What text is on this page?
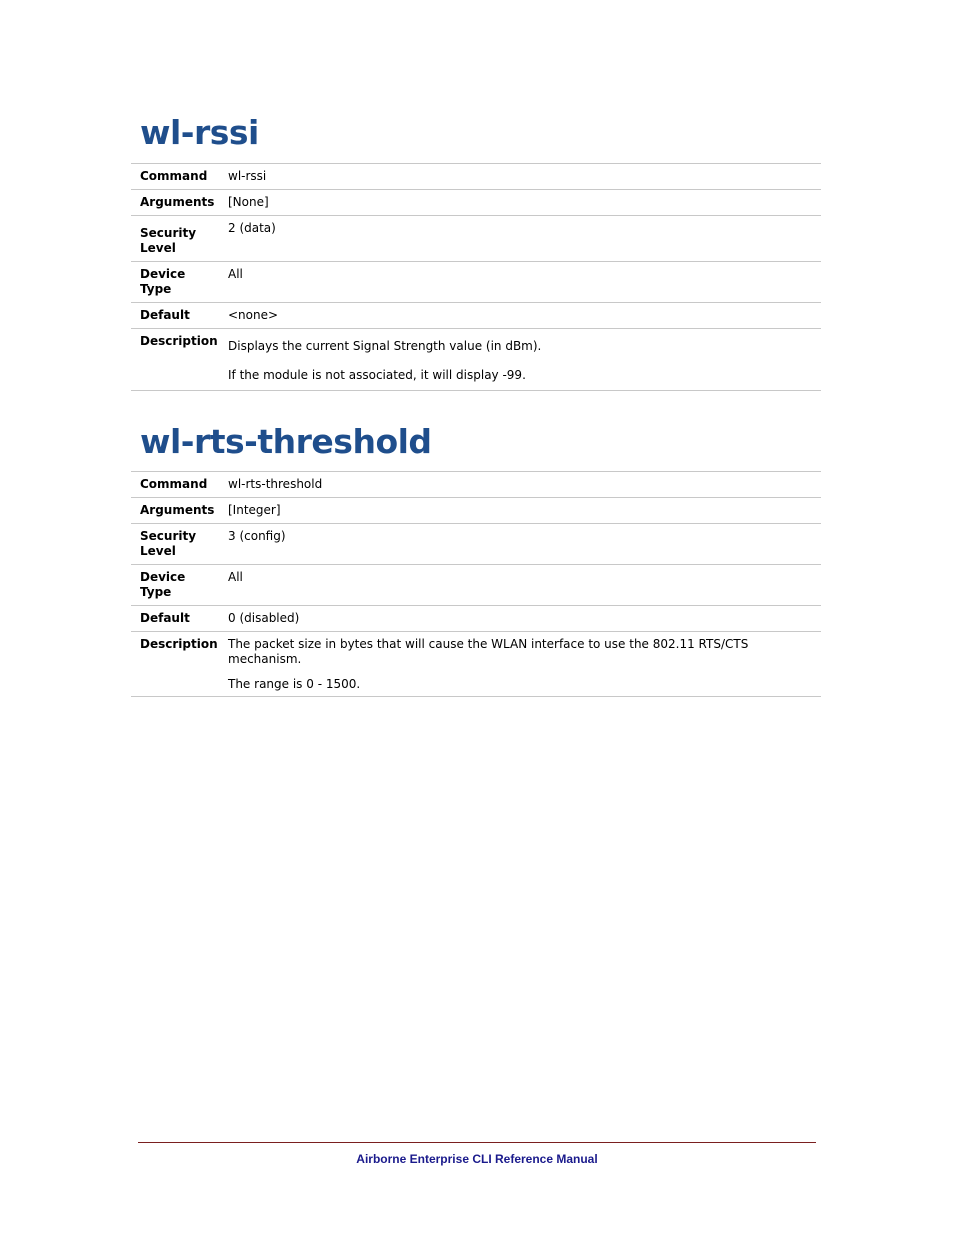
wl-rssi
Command	wl-rssi
Arguments	[None]

Security
Level	2 (data)
Device Type	All
Default	<none>
Description	Displays the current Signal Strength value (in dBm).
If the module is not associated, it will display -99.
wl-rts-threshold
Command	wl-rts-threshold
Arguments	[Integer]

Security
Level	3 (config)
Device Type	All
Default	0 (disabled)
Description	The packet size in bytes that will cause the WLAN interface to use the 802.11 RTS/CTS mechanism.
The range is 0 - 1500.
Airborne Enterprise CLI Reference Manual
